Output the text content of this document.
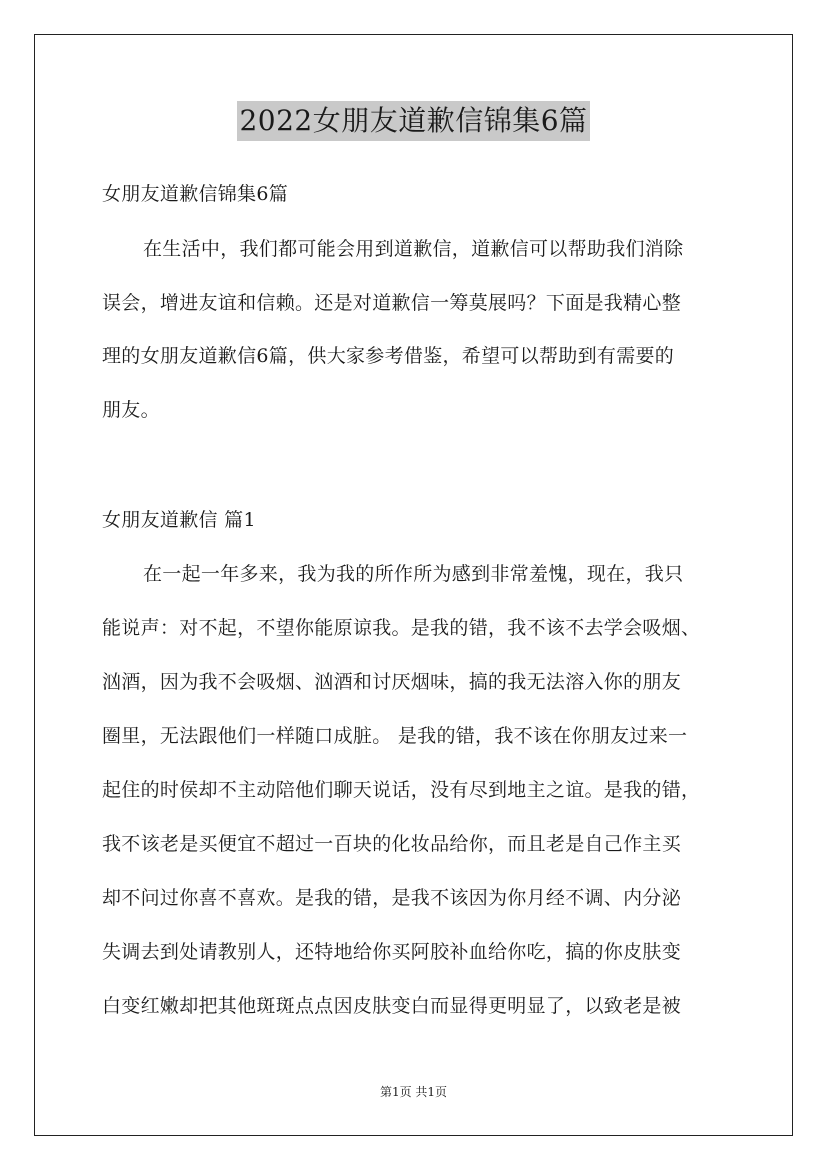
2022女朋友道歉信锦集6篇
女朋友道歉信锦集6篇
在生活中，我们都可能会用到道歉信，道歉信可以帮助我们消除
误会，增进友谊和信赖。还是对道歉信一筹莫展吗？下面是我精心整
理的女朋友道歉信6篇，供大家参考借鉴，希望可以帮助到有需要的
朋友。
女朋友道歉信 篇1
在一起一年多来，我为我的所作所为感到非常羞愧，现在，我只
能说声：对不起，不望你能原谅我。是我的错，我不该不去学会吸烟、
汹酒，因为我不会吸烟、汹酒和讨厌烟味，搞的我无法溶入你的朋友
圈里，无法跟他们一样随口成脏。 是我的错，我不该在你朋友过来一
起住的时侯却不主动陪他们聊天说话，没有尽到地主之谊。是我的错，
我不该老是买便宜不超过一百块的化妆品给你，而且老是自己作主买
却不问过你喜不喜欢。是我的错，是我不该因为你月经不调、内分泌
失调去到处请教别人，还特地给你买阿胶补血给你吃，搞的你皮肤变
白变红嫩却把其他斑斑点点因皮肤变白而显得更明显了，以致老是被
第1页 共1页
